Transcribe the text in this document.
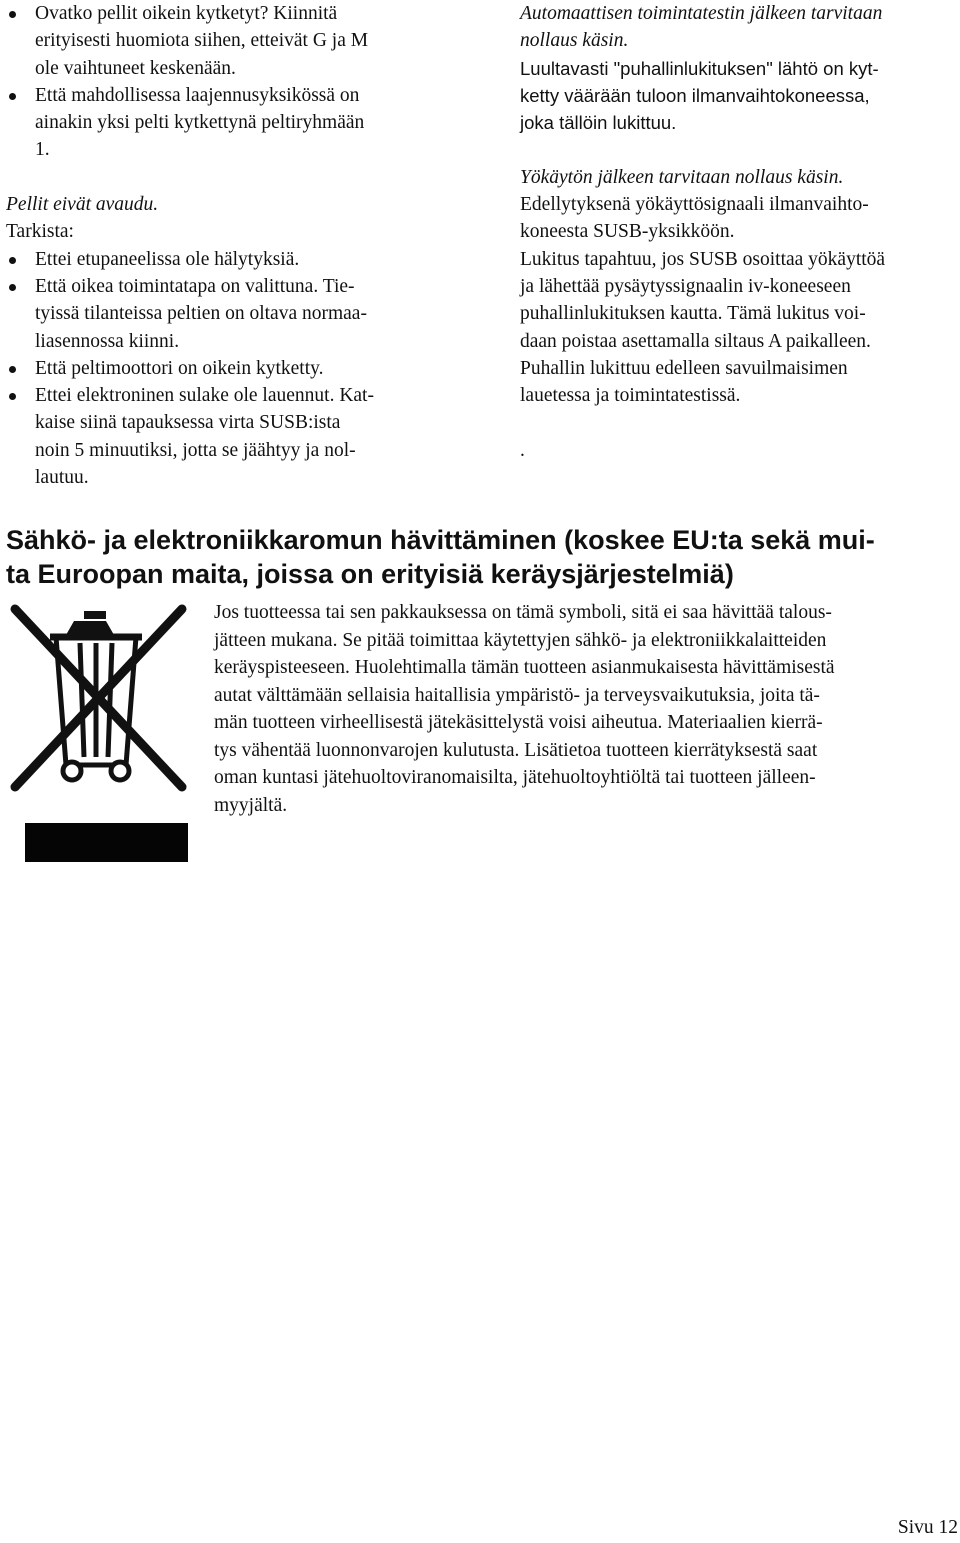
Ovatko pellit oikein kytketyt? Kiinnitä
erityisesti huomiota siihen, etteivät G ja M
ole vaihtuneet keskenään.
Että mahdollisessa laajennusyksikössä on
ainakin yksi pelti kytkettynä peltiryhmään
1.
Pellit eivät avaudu.
Tarkista:
Ettei etupaneelissa ole hälytyksiä.
Että oikea toimintatapa on valittuna. Tie-
tyissä tilanteissa peltien on oltava normaa-
liasennossa kiinni.
Että peltimoottori on oikein kytketty.
Ettei elektroninen sulake ole lauennut. Kat-
kaise siinä tapauksessa virta SUSB:ista
noin 5 minuutiksi, jotta se jäähtyy ja nol-
lautuu.
Automaattisen toimintatestin jälkeen tarvitaan
nollaus käsin.
Luultavasti "puhallinlukituksen" lähtö on kyt-
ketty väärään tuloon ilmanvaihtokoneessa,
joka tällöin lukittuu.
Yökäytön jälkeen tarvitaan nollaus käsin.
Edellytyksenä yökäyttösignaali ilmanvaihto-
koneesta SUSB-yksikköön.
Lukitus tapahtuu, jos SUSB osoittaa yökäyttöä
ja lähettää pysäytyssignaalin iv-koneeseen
puhallinlukituksen kautta. Tämä lukitus voi-
daan poistaa asettamalla siltaus A paikalleen.
Puhallin lukittuu edelleen savuilmaisimen
lauetessa ja toimintatestissä.
.
Sähkö- ja elektroniikkaromun hävittäminen (koskee EU:ta sekä mui-
ta Euroopan maita, joissa on erityisiä keräysjärjestelmiä)
Jos tuotteessa tai sen pakkauksessa on tämä symboli, sitä ei saa hävittää talous-
jätteen mukana. Se pitää toimittaa käytettyjen sähkö- ja elektroniikkalaitteiden
keräyspisteeseen. Huolehtimalla tämän tuotteen asianmukaisesta hävittämisestä
autat välttämään sellaisia haitallisia ympäristö- ja terveysvaikutuksia, joita tä-
män tuotteen virheellisestä jätekäsittelystä voisi aiheutua. Materiaalien kierrä-
tys vähentää luonnonvarojen kulutusta. Lisätietoa tuotteen kierrätyksestä saat
oman kuntasi jätehuoltoviranomaisilta, jätehuoltoyhtiöltä tai tuotteen jälleen-
myyjältä.
Sivu 12
